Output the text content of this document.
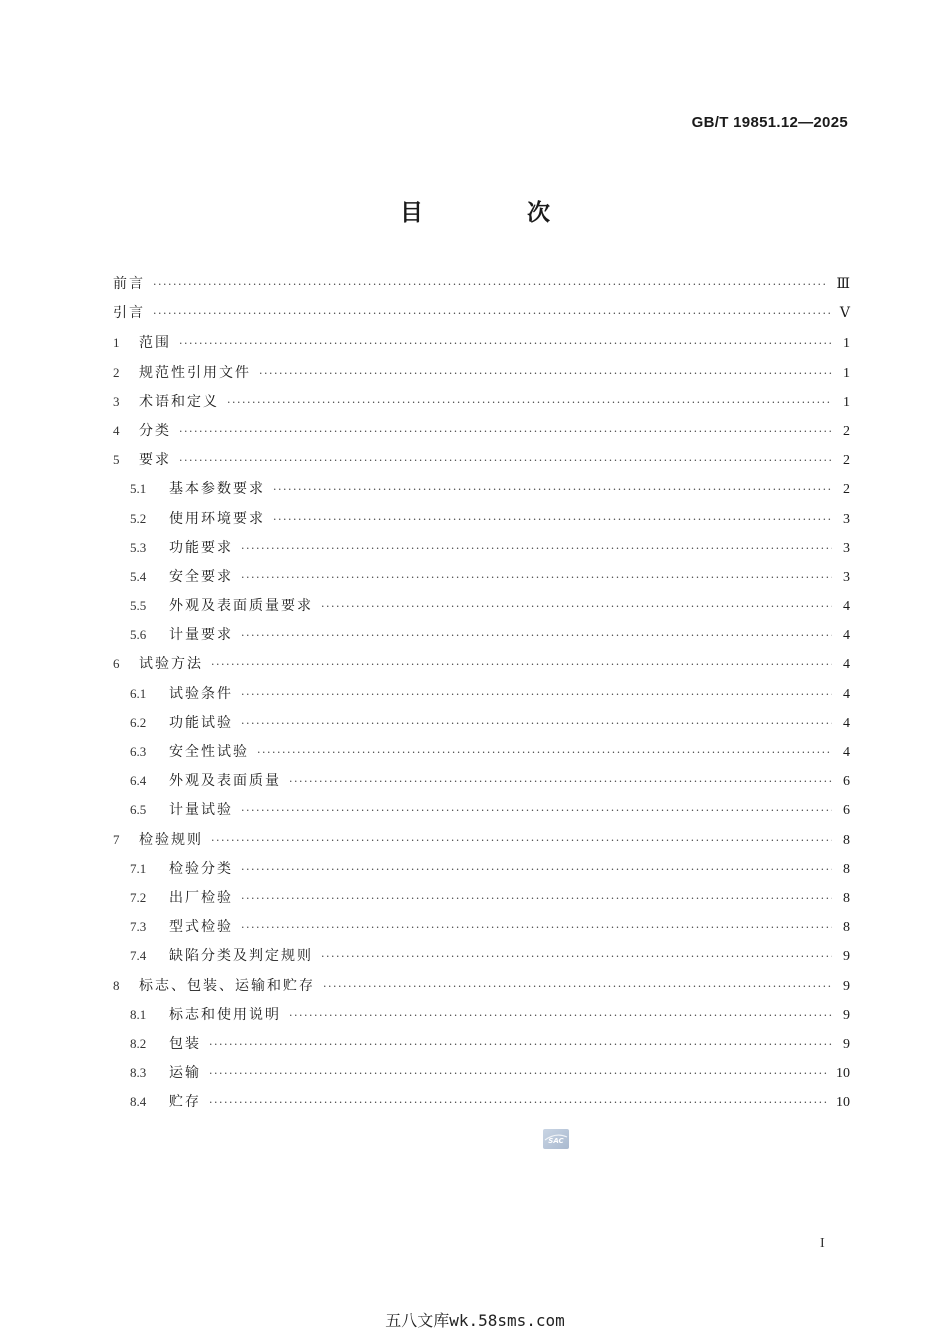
GB/T 19851.12—2025
目 次
前言 ·····	Ⅲ
引言 ·····	Ⅴ
1	范围 ·····	1
2	规范性引用文件 ·····	1
3	术语和定义 ·····	1
4	分类 ·····	2
5	要求 ·····	2
5.1	基本参数要求 ·····	2
5.2	使用环境要求 ·····	3
5.3	功能要求 ·····	3
5.4	安全要求 ·····	3
5.5	外观及表面质量要求 ·····	4
5.6	计量要求 ·····	4
6	试验方法 ·····	4
6.1	试验条件 ·····	4
6.2	功能试验 ·····	4
6.3	安全性试验 ·····	4
6.4	外观及表面质量 ·····	6
6.5	计量试验 ·····	6
7	检验规则 ·····	8
7.1	检验分类 ·····	8
7.2	出厂检验 ·····	8
7.3	型式检验 ·····	8
7.4	缺陷分类及判定规则 ·····	9
8	标志、包装、运输和贮存 ·····	9
8.1	标志和使用说明 ·····	9
8.2	包装 ·····	9
8.3	运输 ·····	10
8.4	贮存 ·····	10
SAC
I
五八文库wk.58sms.com
